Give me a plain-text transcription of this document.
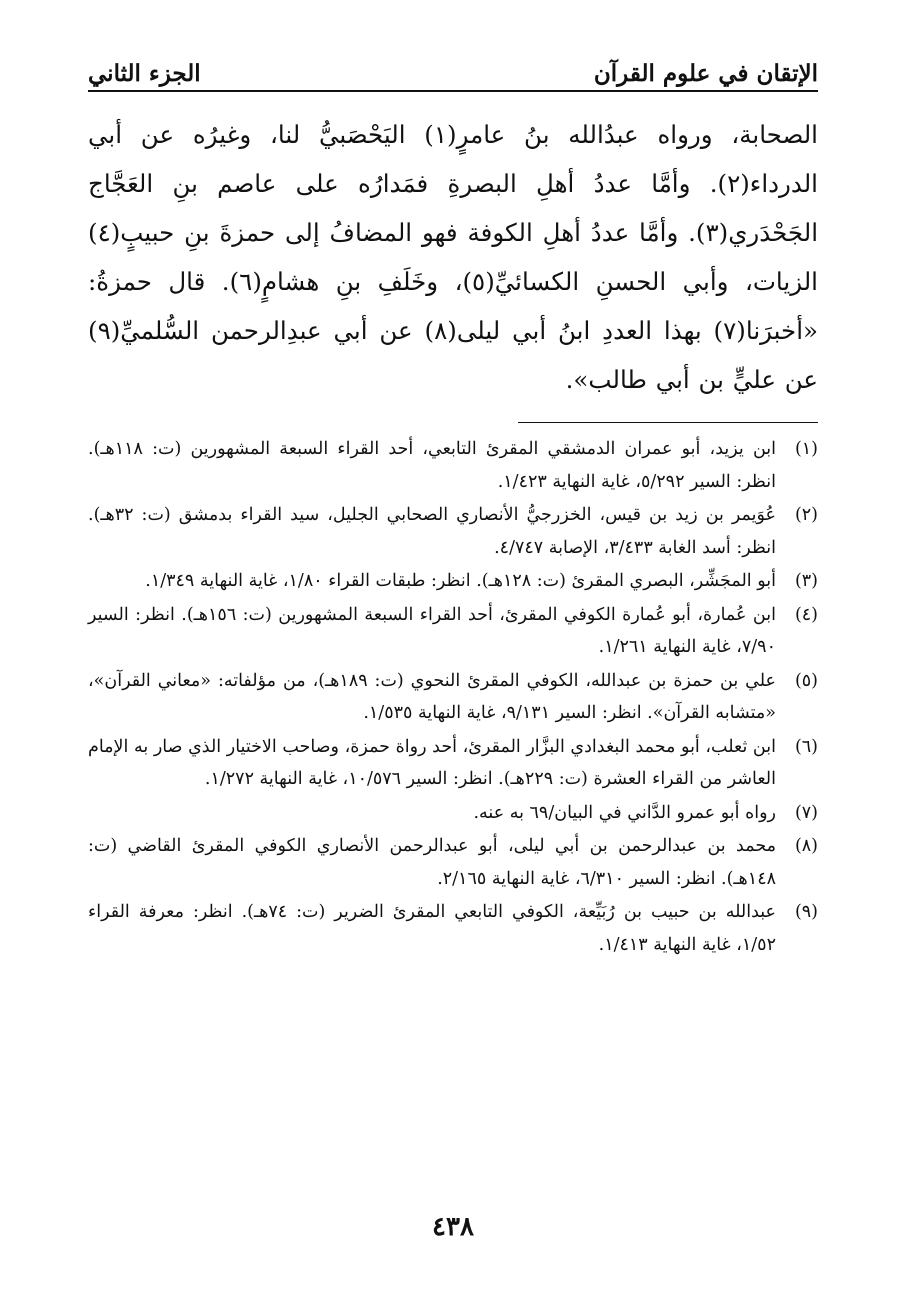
الإتقان في علوم القرآن
الجزء الثاني

الصحابة، ورواه عبدُالله بنُ عامرٍ(١) اليَحْصَبيُّ لنا، وغيرُه عن أبي الدرداء(٢). وأمَّا عددُ أهلِ البصرةِ فمَدارُه على عاصم بنِ العَجَّاج الجَحْدَري(٣). وأمَّا عددُ أهلِ الكوفة فهو المضافُ إلى حمزةَ بنِ حبيبٍ(٤) الزيات، وأبي الحسنِ الكسائيِّ(٥)، وخَلَفِ بنِ هشامٍ(٦). قال حمزةُ: «أخبرَنا(٧) بهذا العددِ ابنُ أبي ليلى(٨) عن أبي عبدِالرحمن السُّلميِّ(٩) عن عليٍّ بن أبي طالب».

(١)
ابن يزيد، أبو عمران الدمشقي المقرئ التابعي، أحد القراء السبعة المشهورين (ت: ١١٨هـ). انظر: السير ٥/٢٩٢، غاية النهاية ١/٤٢٣.
(٢)
عُوَيمر بن زيد بن قيس، الخزرجيُّ الأنصاري الصحابي الجليل، سيد القراء بدمشق (ت: ٣٢هـ). انظر: أسد الغابة ٣/٤٣٣، الإصابة ٤/٧٤٧.
(٣)
أبو المجَشِّر، البصري المقرئ (ت: ١٢٨هـ). انظر: طبقات القراء ١/٨٠، غاية النهاية ١/٣٤٩.
(٤)
ابن عُمارة، أبو عُمارة الكوفي المقرئ، أحد القراء السبعة المشهورين (ت: ١٥٦هـ). انظر: السير ٧/٩٠، غاية النهاية ١/٢٦١.
(٥)
علي بن حمزة بن عبدالله، الكوفي المقرئ النحوي (ت: ١٨٩هـ)، من مؤلفاته: «معاني القرآن»، «متشابه القرآن». انظر: السير ٩/١٣١، غاية النهاية ١/٥٣٥.
(٦)
ابن ثعلب، أبو محمد البغدادي البزَّار المقرئ، أحد رواة حمزة، وصاحب الاختيار الذي صار به الإمام العاشر من القراء العشرة (ت: ٢٢٩هـ). انظر: السير ١٠/٥٧٦، غاية النهاية ١/٢٧٢.
(٧)
رواه أبو عمرو الدَّاني في البيان/٦٩ به عنه.
(٨)
محمد بن عبدالرحمن بن أبي ليلى، أبو عبدالرحمن الأنصاري الكوفي المقرئ القاضي (ت: ١٤٨هـ). انظر: السير ٦/٣١٠، غاية النهاية ٢/١٦٥.
(٩)
عبدالله بن حبيب بن رُبَيِّعة، الكوفي التابعي المقرئ الضرير (ت: ٧٤هـ). انظر: معرفة القراء ١/٥٢، غاية النهاية ١/٤١٣.
٤٣٨
